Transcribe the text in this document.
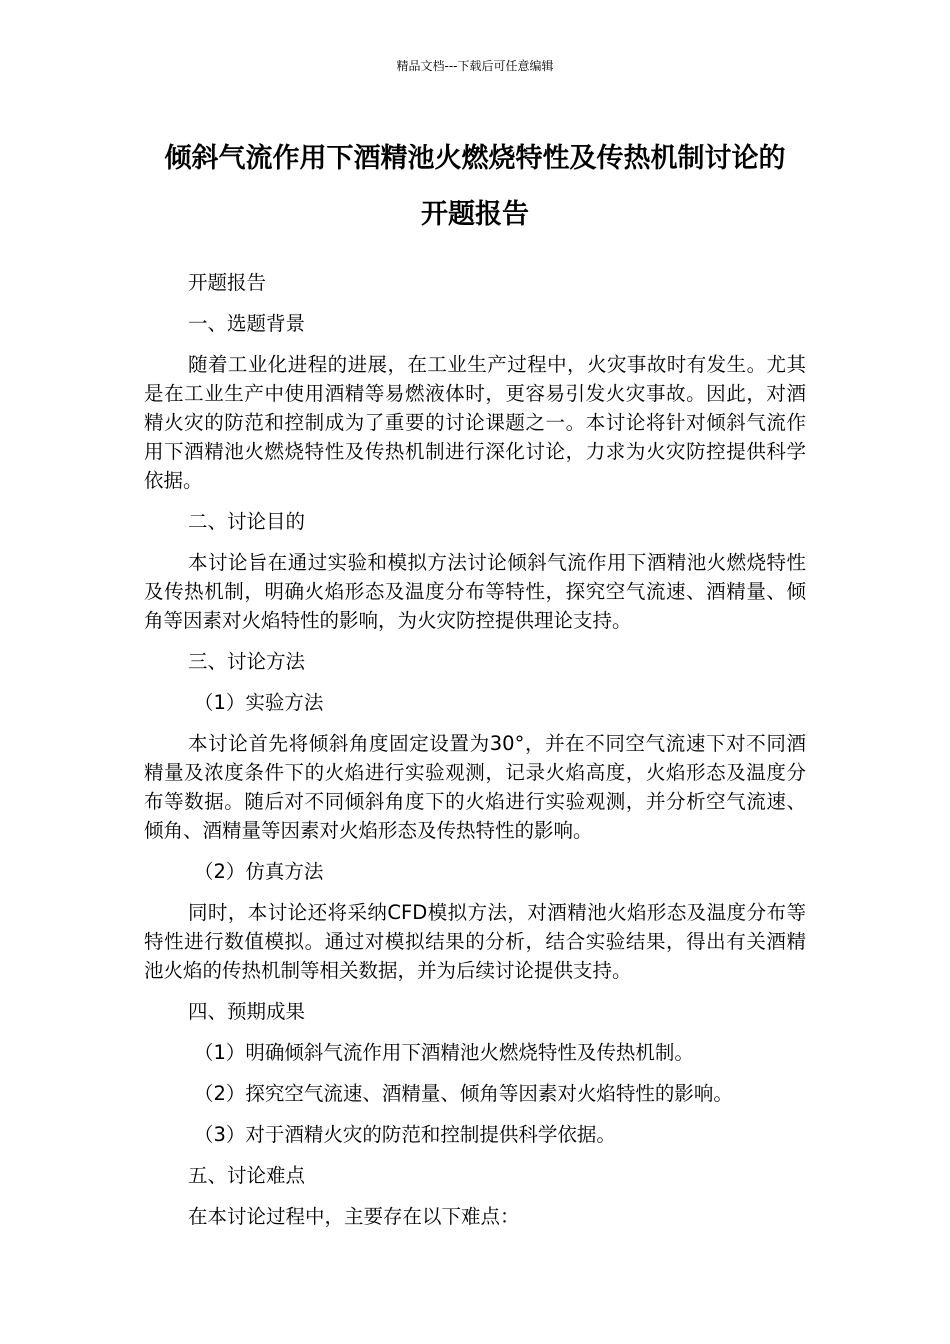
精品文档---下载后可任意编辑
倾斜气流作用下酒精池火燃烧特性及传热机制讨论的
开题报告

开题报告

一、选题背景

随着工业化进程的进展，在工业生产过程中，火灾事故时有发生。尤其是在工业生产中使用酒精等易燃液体时，更容易引发火灾事故。因此，对酒精火灾的防范和控制成为了重要的讨论课题之一。本讨论将针对倾斜气流作用下酒精池火燃烧特性及传热机制进行深化讨论，力求为火灾防控提供科学依据。

二、讨论目的

本讨论旨在通过实验和模拟方法讨论倾斜气流作用下酒精池火燃烧特性及传热机制，明确火焰形态及温度分布等特性，探究空气流速、酒精量、倾角等因素对火焰特性的影响，为火灾防控提供理论支持。

三、讨论方法

（1）实验方法

本讨论首先将倾斜角度固定设置为30°，并在不同空气流速下对不同酒精量及浓度条件下的火焰进行实验观测，记录火焰高度，火焰形态及温度分布等数据。随后对不同倾斜角度下的火焰进行实验观测，并分析空气流速、倾角、酒精量等因素对火焰形态及传热特性的影响。

（2）仿真方法

同时，本讨论还将采纳CFD模拟方法，对酒精池火焰形态及温度分布等特性进行数值模拟。通过对模拟结果的分析，结合实验结果，得出有关酒精池火焰的传热机制等相关数据，并为后续讨论提供支持。

四、预期成果

（1）明确倾斜气流作用下酒精池火燃烧特性及传热机制。

（2）探究空气流速、酒精量、倾角等因素对火焰特性的影响。

（3）对于酒精火灾的防范和控制提供科学依据。

五、讨论难点

在本讨论过程中，主要存在以下难点：
